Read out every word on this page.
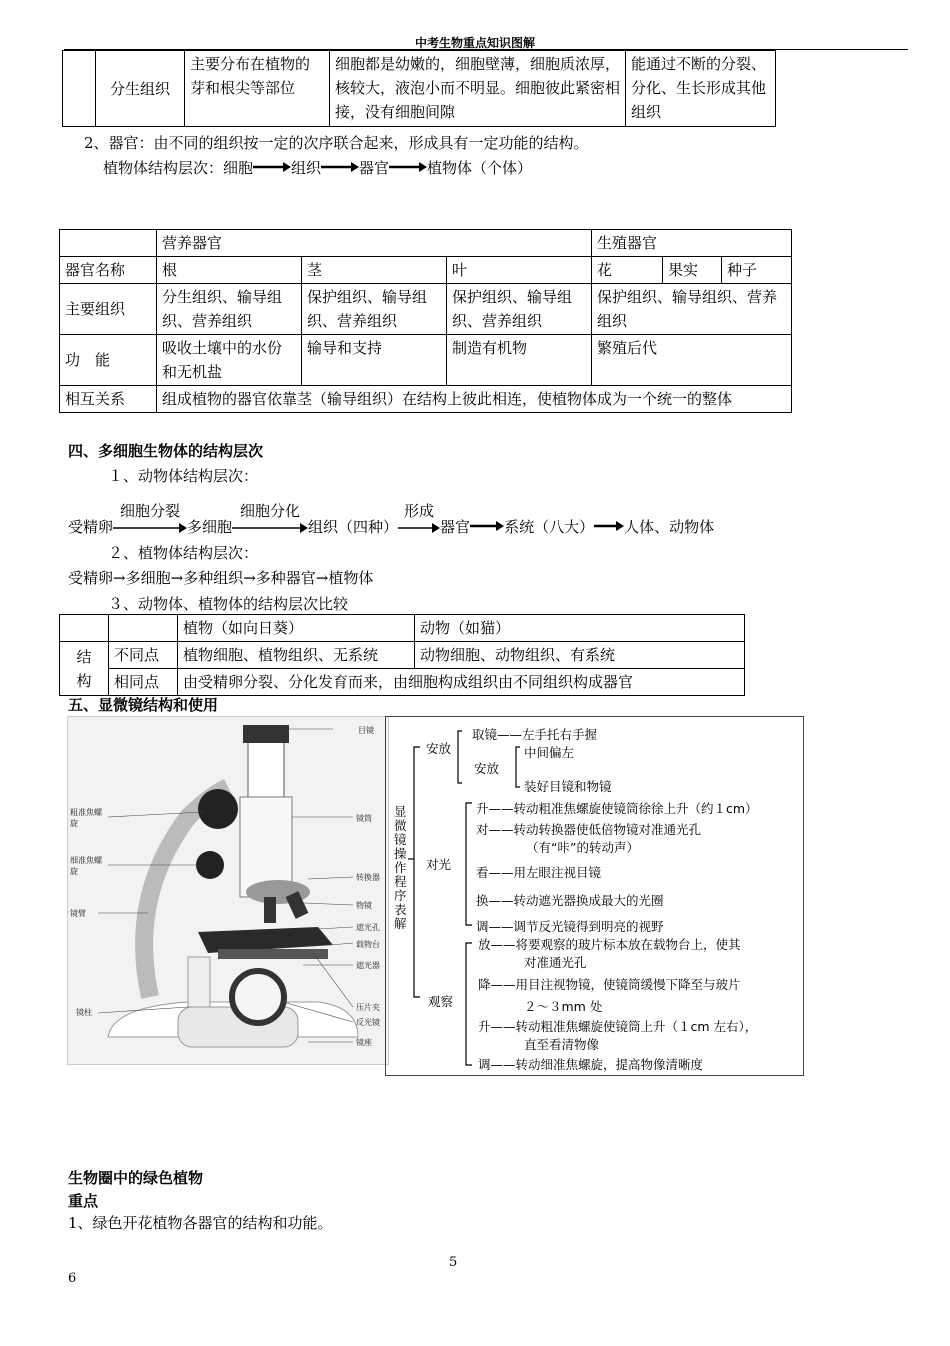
中考生物重点知识图解
	分生组织	主要分布在植物的芽和根尖等部位	细胞都是幼嫩的，细胞壁薄，细胞质浓厚，核较大，液泡小而不明显。细胞彼此紧密相接，没有细胞间隙	能通过不断的分裂、分化、生长形成其他组织
2、器官：由不同的组织按一定的次序联合起来，形成具有一定功能的结构。
植物体结构层次：细胞	组织	器官	植物体（个体）
	营养器官			生殖器官		
器官名称	根	茎	叶	花	果实	种子
主要组织	分生组织、输导组织、营养组织	保护组织、输导组织、营养组织	保护组织、输导组织、营养组织	保护组织、输导组织、营养组织		
功　能	吸收土壤中的水份和无机盐	输导和支持	制造有机物	繁殖后代		
相互关系	组成植物的器官依靠茎（输导组织）在结构上彼此相连，使植物体成为一个统一的整体					
四、多细胞生物体的结构层次
１、动物体结构层次：
受精卵
细胞分裂
多细胞
细胞分化
组织（四种）
形成
器官 系统（八大） 人体、动物体
２、植物体结构层次：
受精卵→多细胞→多种组织→多种器官→植物体
３、动物体、植物体的结构层次比较
		植物（如向日葵）	动物（如猫）
结
构	不同点	植物细胞、植物组织、无系统	动物细胞、动物组织、有系统
	相同点	由受精卵分裂、分化发育而来，由细胞构成组织由不同组织构成器官	
五、显微镜结构和使用
目镜
镜筒
粗准焦螺旋
细准焦螺旋
镜臂
转换器
物镜
遮光孔
载物台
遮光器
压片夹
反光镜
镜柱
镜座
显微镜操作程序表解
安放
取镜——左手托右手握
安放
中间偏左
装好目镜和物镜
对光
升——转动粗准焦螺旋使镜筒徐徐上升（约１cm）
对——转动转换器使低倍物镜对准通光孔
（有“咔”的转动声）
看——用左眼注视目镜
换——转动遮光器换成最大的光圈
调——调节反光镜得到明亮的视野
观察
放——将要观察的玻片标本放在载物台上，使其
对准通光孔
降——用目注视物镜，使镜筒缓慢下降至与玻片
２～３mm 处
升——转动粗准焦螺旋使镜筒上升（１cm 左右），
直至看清物像
调——转动细准焦螺旋，提高物像清晰度
生物圈中的绿色植物
重点
1、绿色开花植物各器官的结构和功能。
5
6
